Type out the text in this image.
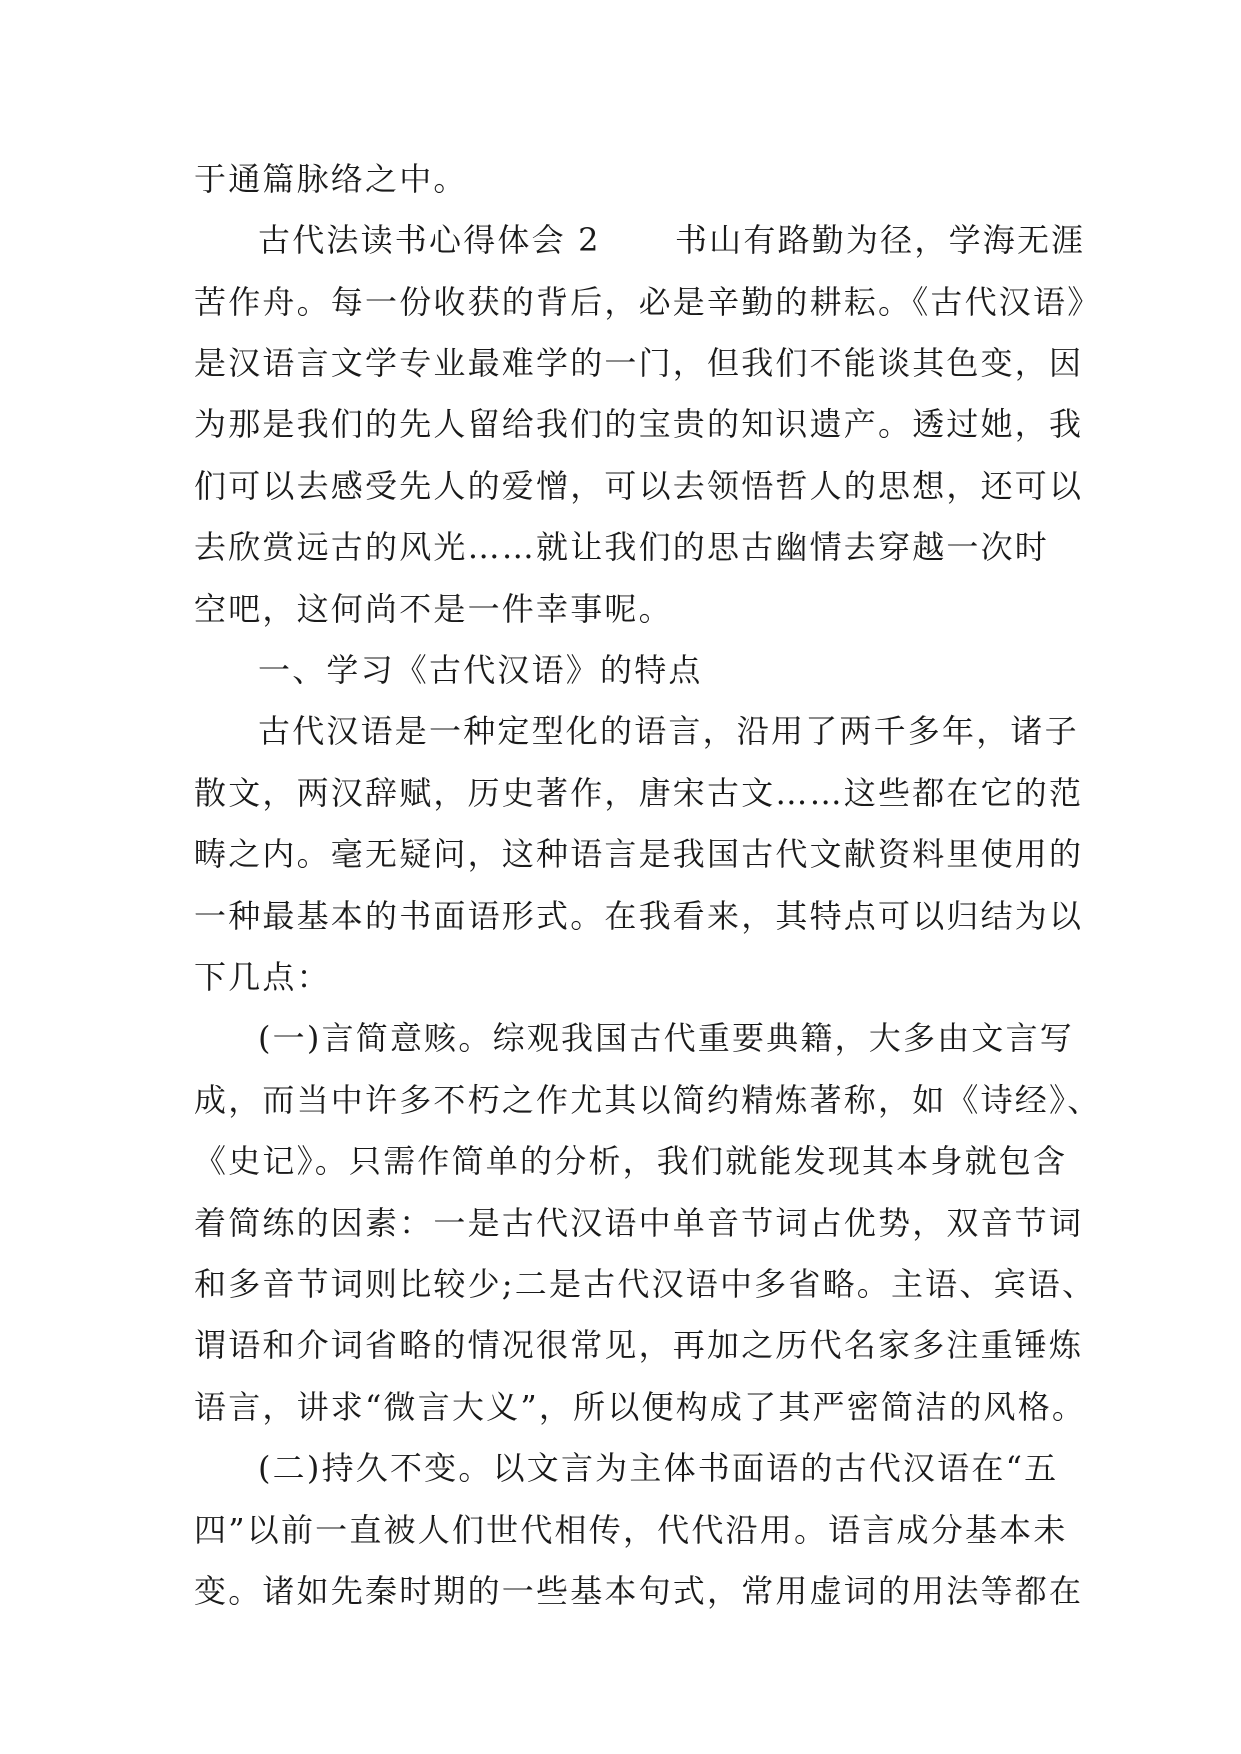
于通篇脉络之中。
古代法读书心得体会 2      书山有路勤为径，学海无涯
苦作舟。每一份收获的背后，必是辛勤的耕耘。《古代汉语》
是汉语言文学专业最难学的一门，但我们不能谈其色变，因
为那是我们的先人留给我们的宝贵的知识遗产。透过她，我
们可以去感受先人的爱憎，可以去领悟哲人的思想，还可以
去欣赏远古的风光……就让我们的思古幽情去穿越一次时
空吧，这何尚不是一件幸事呢。
一、学习《古代汉语》的特点
古代汉语是一种定型化的语言，沿用了两千多年，诸子
散文，两汉辞赋，历史著作，唐宋古文……这些都在它的范
畴之内。毫无疑问，这种语言是我国古代文献资料里使用的
一种最基本的书面语形式。在我看来，其特点可以归结为以
下几点：
(一)言简意赅。综观我国古代重要典籍，大多由文言写
成，而当中许多不朽之作尤其以简约精炼著称，如《诗经》、
《史记》。只需作简单的分析，我们就能发现其本身就包含
着简练的因素：一是古代汉语中单音节词占优势，双音节词
和多音节词则比较少;二是古代汉语中多省略。主语、宾语、
谓语和介词省略的情况很常见，再加之历代名家多注重锤炼
语言，讲求“微言大义”，所以便构成了其严密简洁的风格。
(二)持久不变。以文言为主体书面语的古代汉语在“五
四”以前一直被人们世代相传，代代沿用。语言成分基本未
变。诸如先秦时期的一些基本句式，常用虚词的用法等都在
